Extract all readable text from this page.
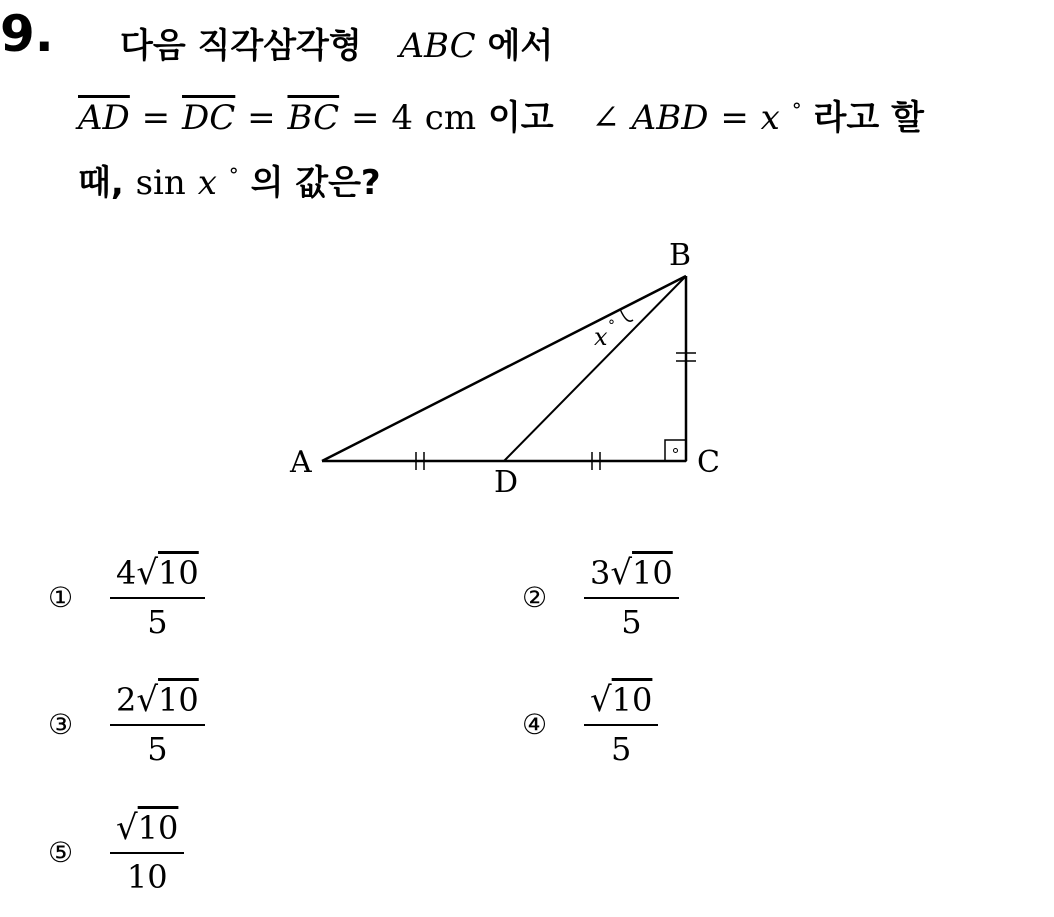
9. 다음 직각삼각형 ABC 에서
$\overline{AD} = \overline{DC} = \overline{BC} = 4$ cm 이고 ∠ ABD = x ° 라고 할
때, sin x ° 의 값은?
B
A	C
D
x °
①	$\frac{4√10}{5}$	②	$\frac{3√10}{5}$
③	$\frac{2√10}{5}$	④	$\frac{√10}{5}$
⑤	$\frac{√10}{10}$
